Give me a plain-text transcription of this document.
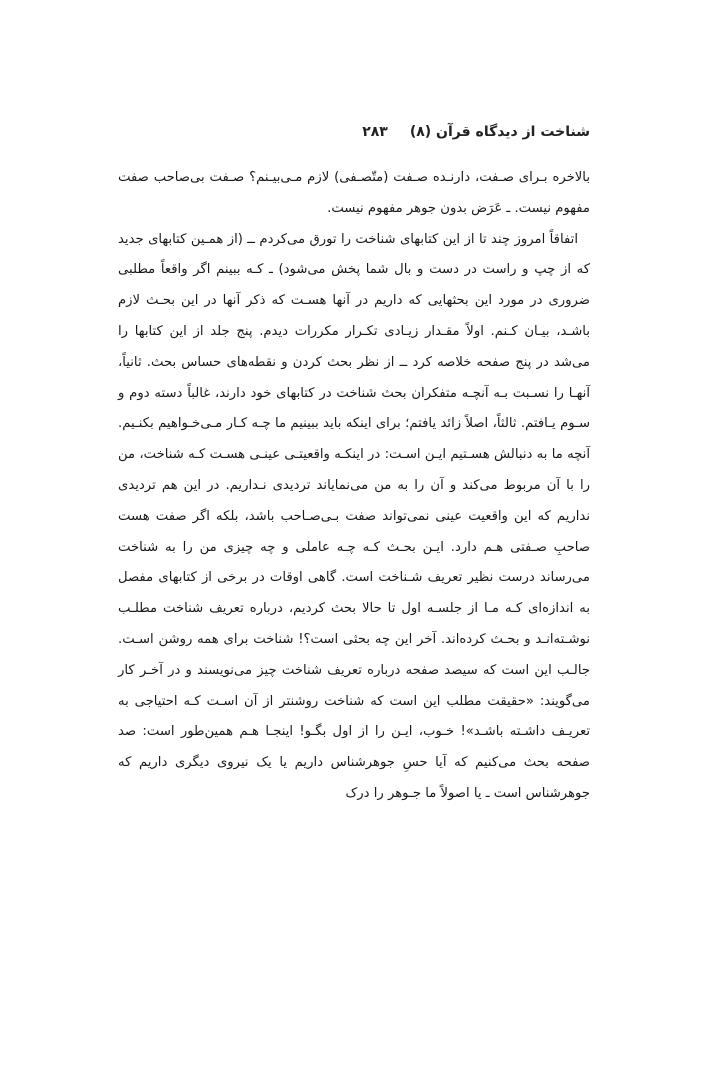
شناخت از دیدگاه قرآن (۸)
۲۸۳

بالاخره بـرای صـفت، دارنـده صـفت (متّصـفی) لازم مـی‌بیـنم؟ صـفت بی‌صاحب صفت مفهوم نیست. ـ عَرَض بدون جوهر مفهوم نیست.

اتفاقاً امروز چند تا از این کتابهای شناخت را تورق می‌کردم ــ (از همـین کتابهای جدید که از چپ و راست در دست و بال شما پخش می‌شود) ـ کـه ببینم اگر واقعاً مطلبی ضروری در مورد این بحثهایی که داریم در آنها هسـت که ذکر آنها در این بحـث لازم باشـد، بیـان کـنم. اولاً مقـدار زیـادی تکـرار مکررات دیدم. پنج جلد از این کتابها را می‌شد در پنج صفحه خلاصه کرد ــ از نظر بحث کردن و نقطه‌های حساس بحث. ثانیاً، آنهـا را نسـبت بـه آنچـه متفکران بحث شناخت در کتابهای خود دارند، غالباً دسته دوم و سـوم یـافتم. ثالثاً، اصلاً زائد یافتم؛ برای اینکه باید ببینیم ما چـه کـار مـی‌خـواهیم بکنـیم. آنچه ما به دنبالش هسـتیم ایـن اسـت: در اینکـه واقعیتـی عینـی هسـت کـه شناخت، من را با آن مربوط می‌کند و آن را به من می‌نمایاند تردیدی نـداریم. در این هم تردیدی نداریم که این واقعیت عینی نمی‌تواند صفت بـی‌صـاحب باشد، بلکه اگر صفت هست صاحبِ صـفتی هـم دارد. ایـن بحـث کـه چـه عاملی و چه چیزی من را به شناخت می‌رساند درست نظیر تعریف شـناخت است. گاهی اوقات در برخی از کتابهای مفصل به اندازه‌ای کـه مـا از جلسـه اول تا حالا بحث کردیم، درباره تعریف شناخت مطلـب نوشـته‌انـد و بحـث کرده‌اند. آخر این چه بحثی است؟! شناخت برای همه روشن اسـت. جالـب این است که سیصد صفحه درباره تعریف شناخت چیز می‌نویسند و در آخـر کار می‌گویند: «حقیقت مطلب این است که شناخت روشنتر از آن اسـت کـه احتیاجی به تعریـف داشـته باشـد»! خـوب، ایـن را از اول بگـو! اینجـا هـم همین‌طور است: صد صفحه بحث می‌کنیم که آیا حسِ جوهرشناس داریم یا یک نیروی دیگری داریم که جوهرشناس است ـ یا اصولاً ما جـوهر را درک
